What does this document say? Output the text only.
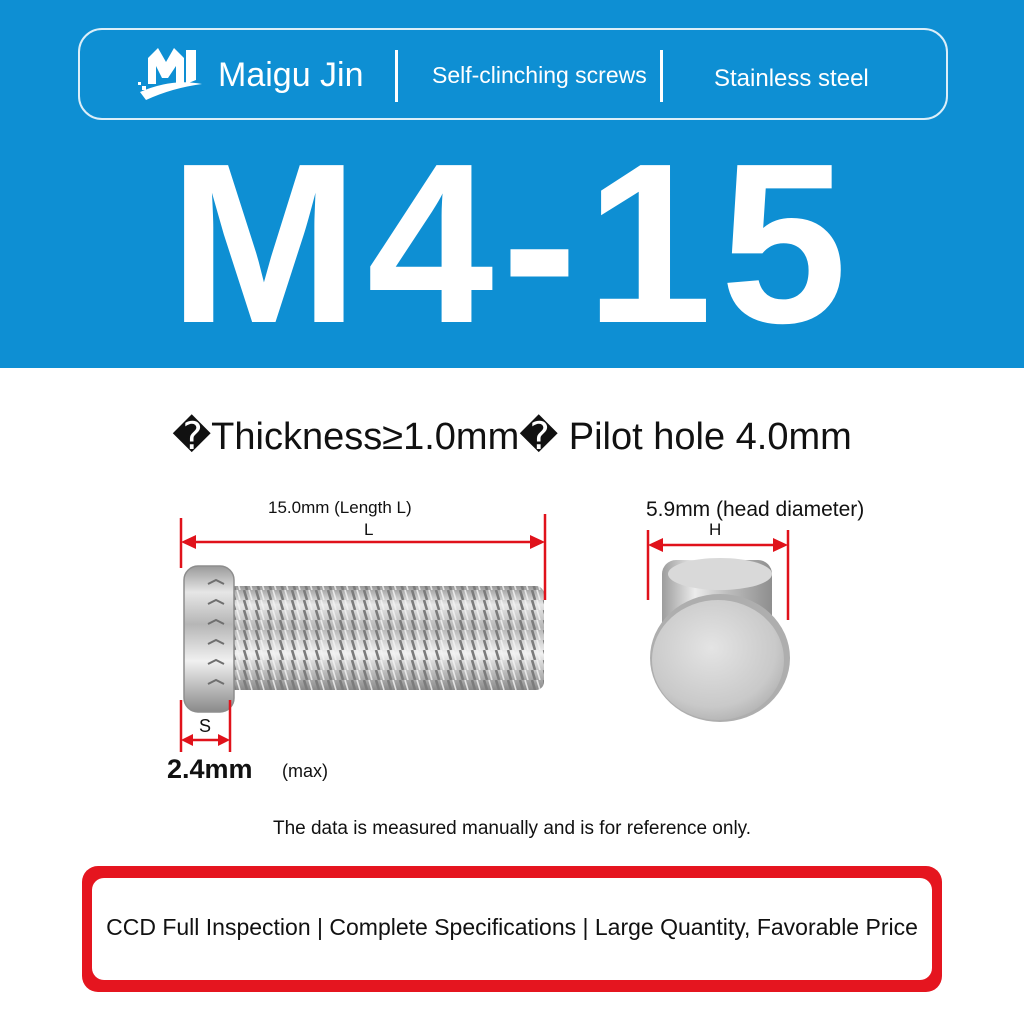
Maigu Jin	Self-clinching screws	Stainless steel
M4-15
�Thickness≥1.0mm� Pilot hole 4.0mm
15.0mm (Length L)
L
5.9mm (head diameter)
H
S
2.4mm (max)
The data is measured manually and is for reference only.
CCD Full Inspection | Complete Specifications | Large Quantity, Favorable Price
